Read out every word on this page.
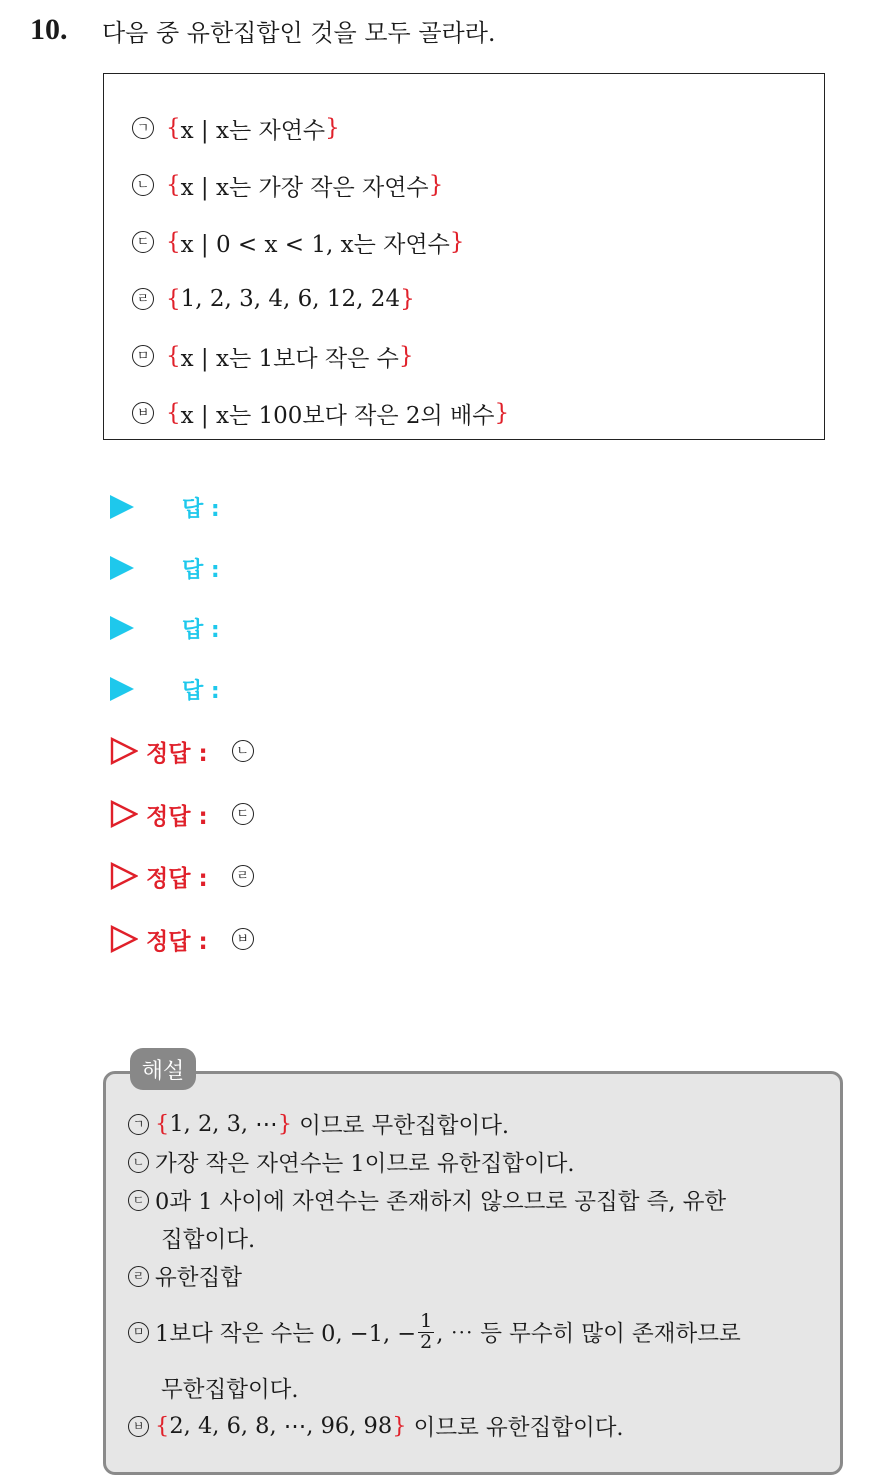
10.	다음 중 유한집합인 것을 모두 골라라.
ㄱ { x | x는 자연수 }
ㄴ { x | x는 가장 작은 자연수 }
ㄷ { x | 0 < x < 1, x는 자연수 }
ㄹ { 1, 2, 3, 4, 6, 12, 24 }
ㅁ { x | x는 1보다 작은 수 }
ㅂ { x | x는 100보다 작은 2의 배수 }
답 :
답 :
답 :
답 :
정답 :	ㄴ
정답 :	ㄷ
정답 :	ㄹ
정답 :	ㅂ
해설
ㄱ { 1, 2, 3, ⋯ } 이므로 무한집합이다.
ㄴ 가장 작은 자연수는 1이므로 유한집합이다.
ㄷ 0과 1 사이에 자연수는 존재하지 않으므로 공집합 즉, 유한
집합이다.
ㄹ 유한집합
ㅁ 1보다 작은 수는 0, −1, − $\frac{1}{2}$ , ⋯ 등 무수히 많이 존재하므로
무한집합이다.
ㅂ { 2, 4, 6, 8, ⋯, 96, 98 } 이므로 유한집합이다.
